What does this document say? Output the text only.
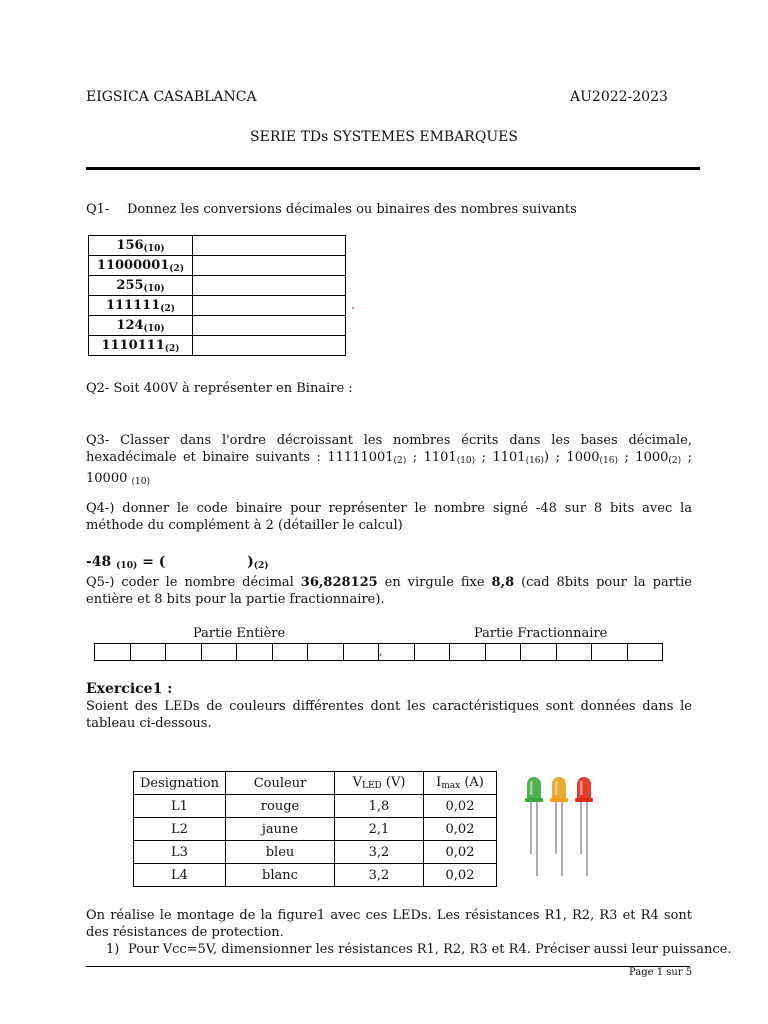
EIGSICA CASABLANCA	AU2022-2023
SERIE TDs SYSTEMES EMBARQUES
Q1- Donnez les conversions décimales ou binaires des nombres suivants
$156_{(10)}$	
$11000001_{(2)}$	
$255_{(10)}$	
$111111_{(2)}$	
$124_{(10)}$	
$1110111_{(2)}$	
Q2- Soit 400V à représenter en Binaire :
Q3- Classer dans l'ordre décroissant les nombres écrits dans les bases décimale, hexadécimale et binaire suivants : $11111001_{(2)}$ ; $1101_{(10)}$ ; $1101_{(16)}$) ; $1000_{(16)}$ ; $1000_{(2)}$ ; 10000 $_{(10)}$
Q4-) donner le code binaire pour représenter le nombre signé -48 sur 8 bits avec la méthode du complément à 2 (détailler le calcul)
-48 $_{(10)}$ = (	)$_{(2)}$
Q5-) coder le nombre décimal 36,828125 en virgule fixe 8,8 (cad 8bits pour la partie entière et 8 bits pour la partie fractionnaire).
Partie Entière	Partie Fractionnaire
								,							
Exercice1 :
Soient des LEDs de couleurs différentes dont les caractéristiques sont données dans le tableau ci-dessous.
Designation	Couleur	$V_{LED}$ (V)	$I_{max}$ (A)
L1	rouge	1,8	0,02
L2	jaune	2,1	0,02
L3	bleu	3,2	0,02
L4	blanc	3,2	0,02
On réalise le montage de la figure1 avec ces LEDs. Les résistances R1, R2, R3 et R4 sont des résistances de protection.
1) Pour Vcc=5V, dimensionner les résistances R1, R2, R3 et R4. Préciser aussi leur puissance.
Page 1 sur 5
